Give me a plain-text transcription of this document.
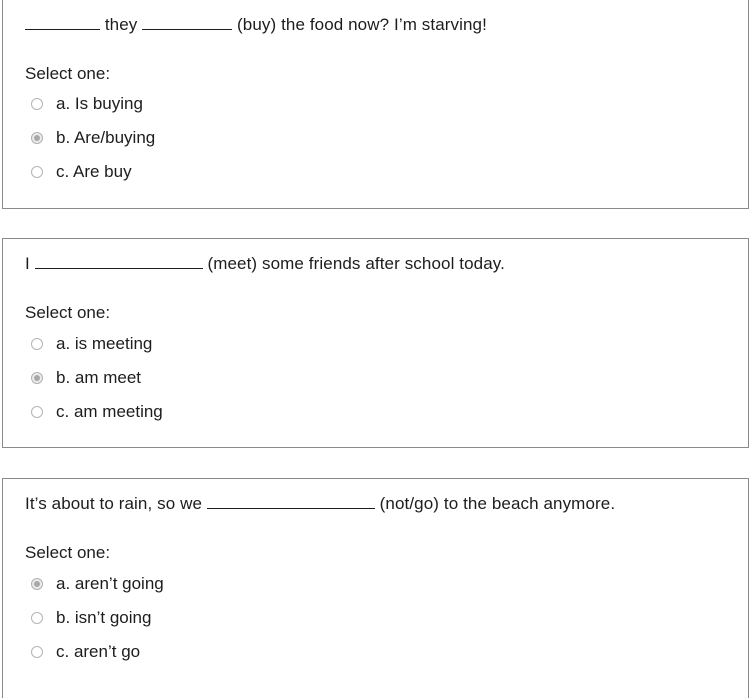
they	(buy) the food now? I’m starving!
Select one:
a. Is buying
b. Are/buying
c. Are buy
I	(meet) some friends after school today.
Select one:
a. is meeting
b. am meet
c. am meeting
It’s about to rain, so we	(not/go) to the beach anymore.
Select one:
a. aren’t going
b. isn’t going
c. aren’t go
